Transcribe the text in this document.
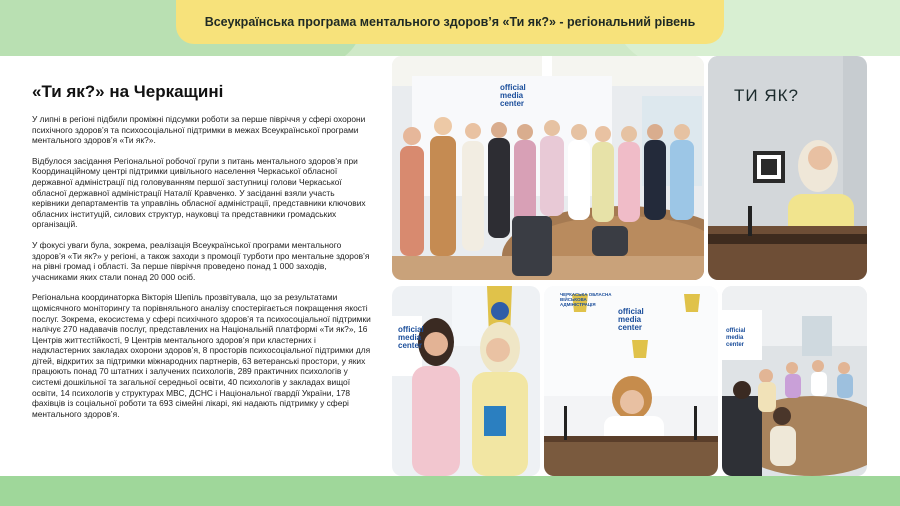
Всеукраїнська програма ментального здоров’я «Ти як?» - регіональний рівень
«Ти як?» на Черкащині

У липні в регіоні підбили проміжні підсумки роботи за перше півріччя у сфері охорони психічного здоров’я та психосоціальної підтримки в межах Всеукраїнської програми ментального здоров’я «Ти як?».

Відбулося засідання Регіональної робочої групи з питань ментального здоров’я при Координаційному центрі підтримки цивільного населення Черкаської обласної державної адміністрації під головуванням першої заступниці голови Черкаської обласної державної адміністрації Наталії Кравченко. У засіданні взяли участь керівники департаментів та управлінь обласної адміністрації, представники ключових обласних інституцій, силових структур, науковці та представники громадських організацій.

У фокусі уваги була, зокрема, реалізація Всеукраїнської програми ментального здоров’я «Ти як?» у регіоні, а також заходи з промоції турботи про ментальне здоров’я на рівні громад і області. За перше півріччя проведено понад 1 000 заходів, учасниками яких стали понад 20 000 осіб.

Регіональна координаторка Вікторія Шепіль прозвітувала, що за результатами щомісячного моніторингу та порівняльного аналізу спостерігається покращення якості послуг. Зокрема, екосистема у сфері психічного здоров’я та психосоціальної підтримки налічує 270 надавачів послуг, представлених на Національній платформі «Ти як?», 16 Центрів життєстійкості, 9 Центрів ментального здоров’я при кластерних і надкластерних закладах охорони здоров’я, 8 просторів психосоціальної підтримки для дітей, відкритих за підтримки міжнародних партнерів, 63 ветеранські простори, у яких працюють понад 70 штатних і залучених психологів, 289 практичних психологів у системі дошкільної та загальної середньої освіти, 40 психологів у закладах вищої освіти, 14 психологів у структурах МВС, ДСНС і Національної гвардії України, 178 фахівців із соціальної роботи та 693 сімейні лікарі, які надають підтримку у сфері ментального здоров’я.

official media center	ТИ ЯК?
official media center
official media center
ЧЕРКАСЬКА ОБЛАСНА ВІЙСЬКОВА АДМІНІСТРАЦІЯ
official media center
